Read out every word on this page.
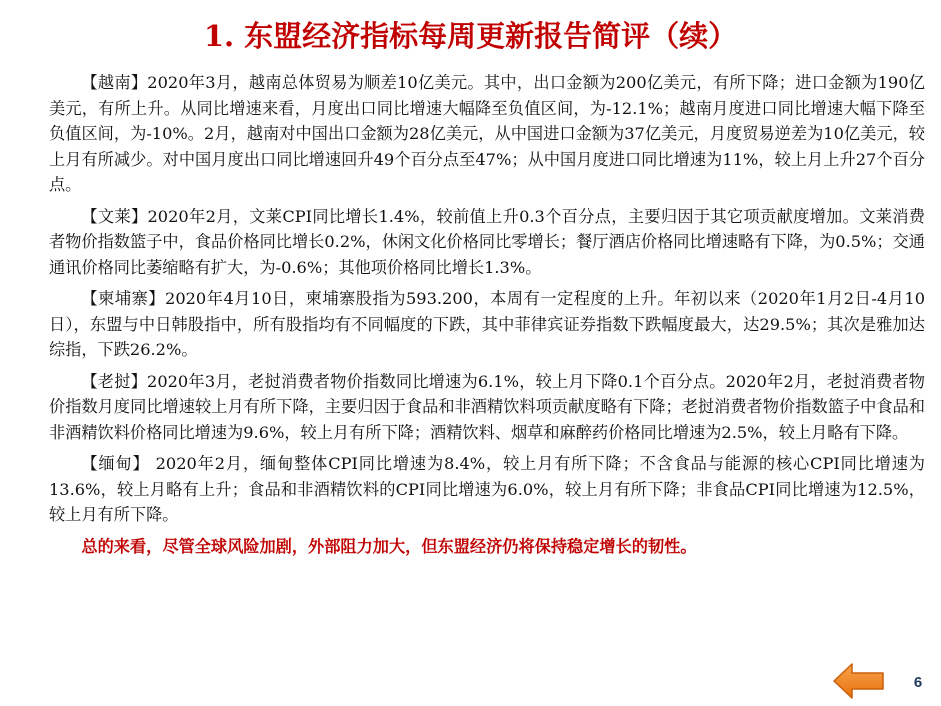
1. 东盟经济指标每周更新报告简评（续）

【越南】2020年3月，越南总体贸易为顺差10亿美元。其中，出口金额为200亿美元，有所下降；进口金额为190亿美元，有所上升。从同比增速来看，月度出口同比增速大幅降至负值区间，为-12.1%；越南月度进口同比增速大幅下降至负值区间，为-10%。2月，越南对中国出口金额为28亿美元，从中国进口金额为37亿美元，月度贸易逆差为10亿美元，较上月有所减少。对中国月度出口同比增速回升49个百分点至47%；从中国月度进口同比增速为11%，较上月上升27个百分点。

【文莱】2020年2月，文莱CPI同比增长1.4%，较前值上升0.3个百分点，主要归因于其它项贡献度增加。文莱消费者物价指数篮子中，食品价格同比增长0.2%，休闲文化价格同比零增长；餐厅酒店价格同比增速略有下降，为0.5%；交通通讯价格同比萎缩略有扩大，为-0.6%；其他项价格同比增长1.3%。

【柬埔寨】2020年4月10日，柬埔寨股指为593.200，本周有一定程度的上升。年初以来（2020年1月2日-4月10日），东盟与中日韩股指中，所有股指均有不同幅度的下跌，其中菲律宾证券指数下跌幅度最大，达29.5%；其次是雅加达综指，下跌26.2%。

【老挝】2020年3月，老挝消费者物价指数同比增速为6.1%，较上月下降0.1个百分点。2020年2月，老挝消费者物价指数月度同比增速较上月有所下降，主要归因于食品和非酒精饮料项贡献度略有下降；老挝消费者物价指数篮子中食品和非酒精饮料价格同比增速为9.6%，较上月有所下降；酒精饮料、烟草和麻醉药价格同比增速为2.5%，较上月略有下降。

【缅甸】 2020年2月，缅甸整体CPI同比增速为8.4%，较上月有所下降；不含食品与能源的核心CPI同比增速为13.6%，较上月略有上升；食品和非酒精饮料的CPI同比增速为6.0%，较上月有所下降；非食品CPI同比增速为12.5%，较上月有所下降。

总的来看，尽管全球风险加剧，外部阻力加大，但东盟经济仍将保持稳定增长的韧性。

6
